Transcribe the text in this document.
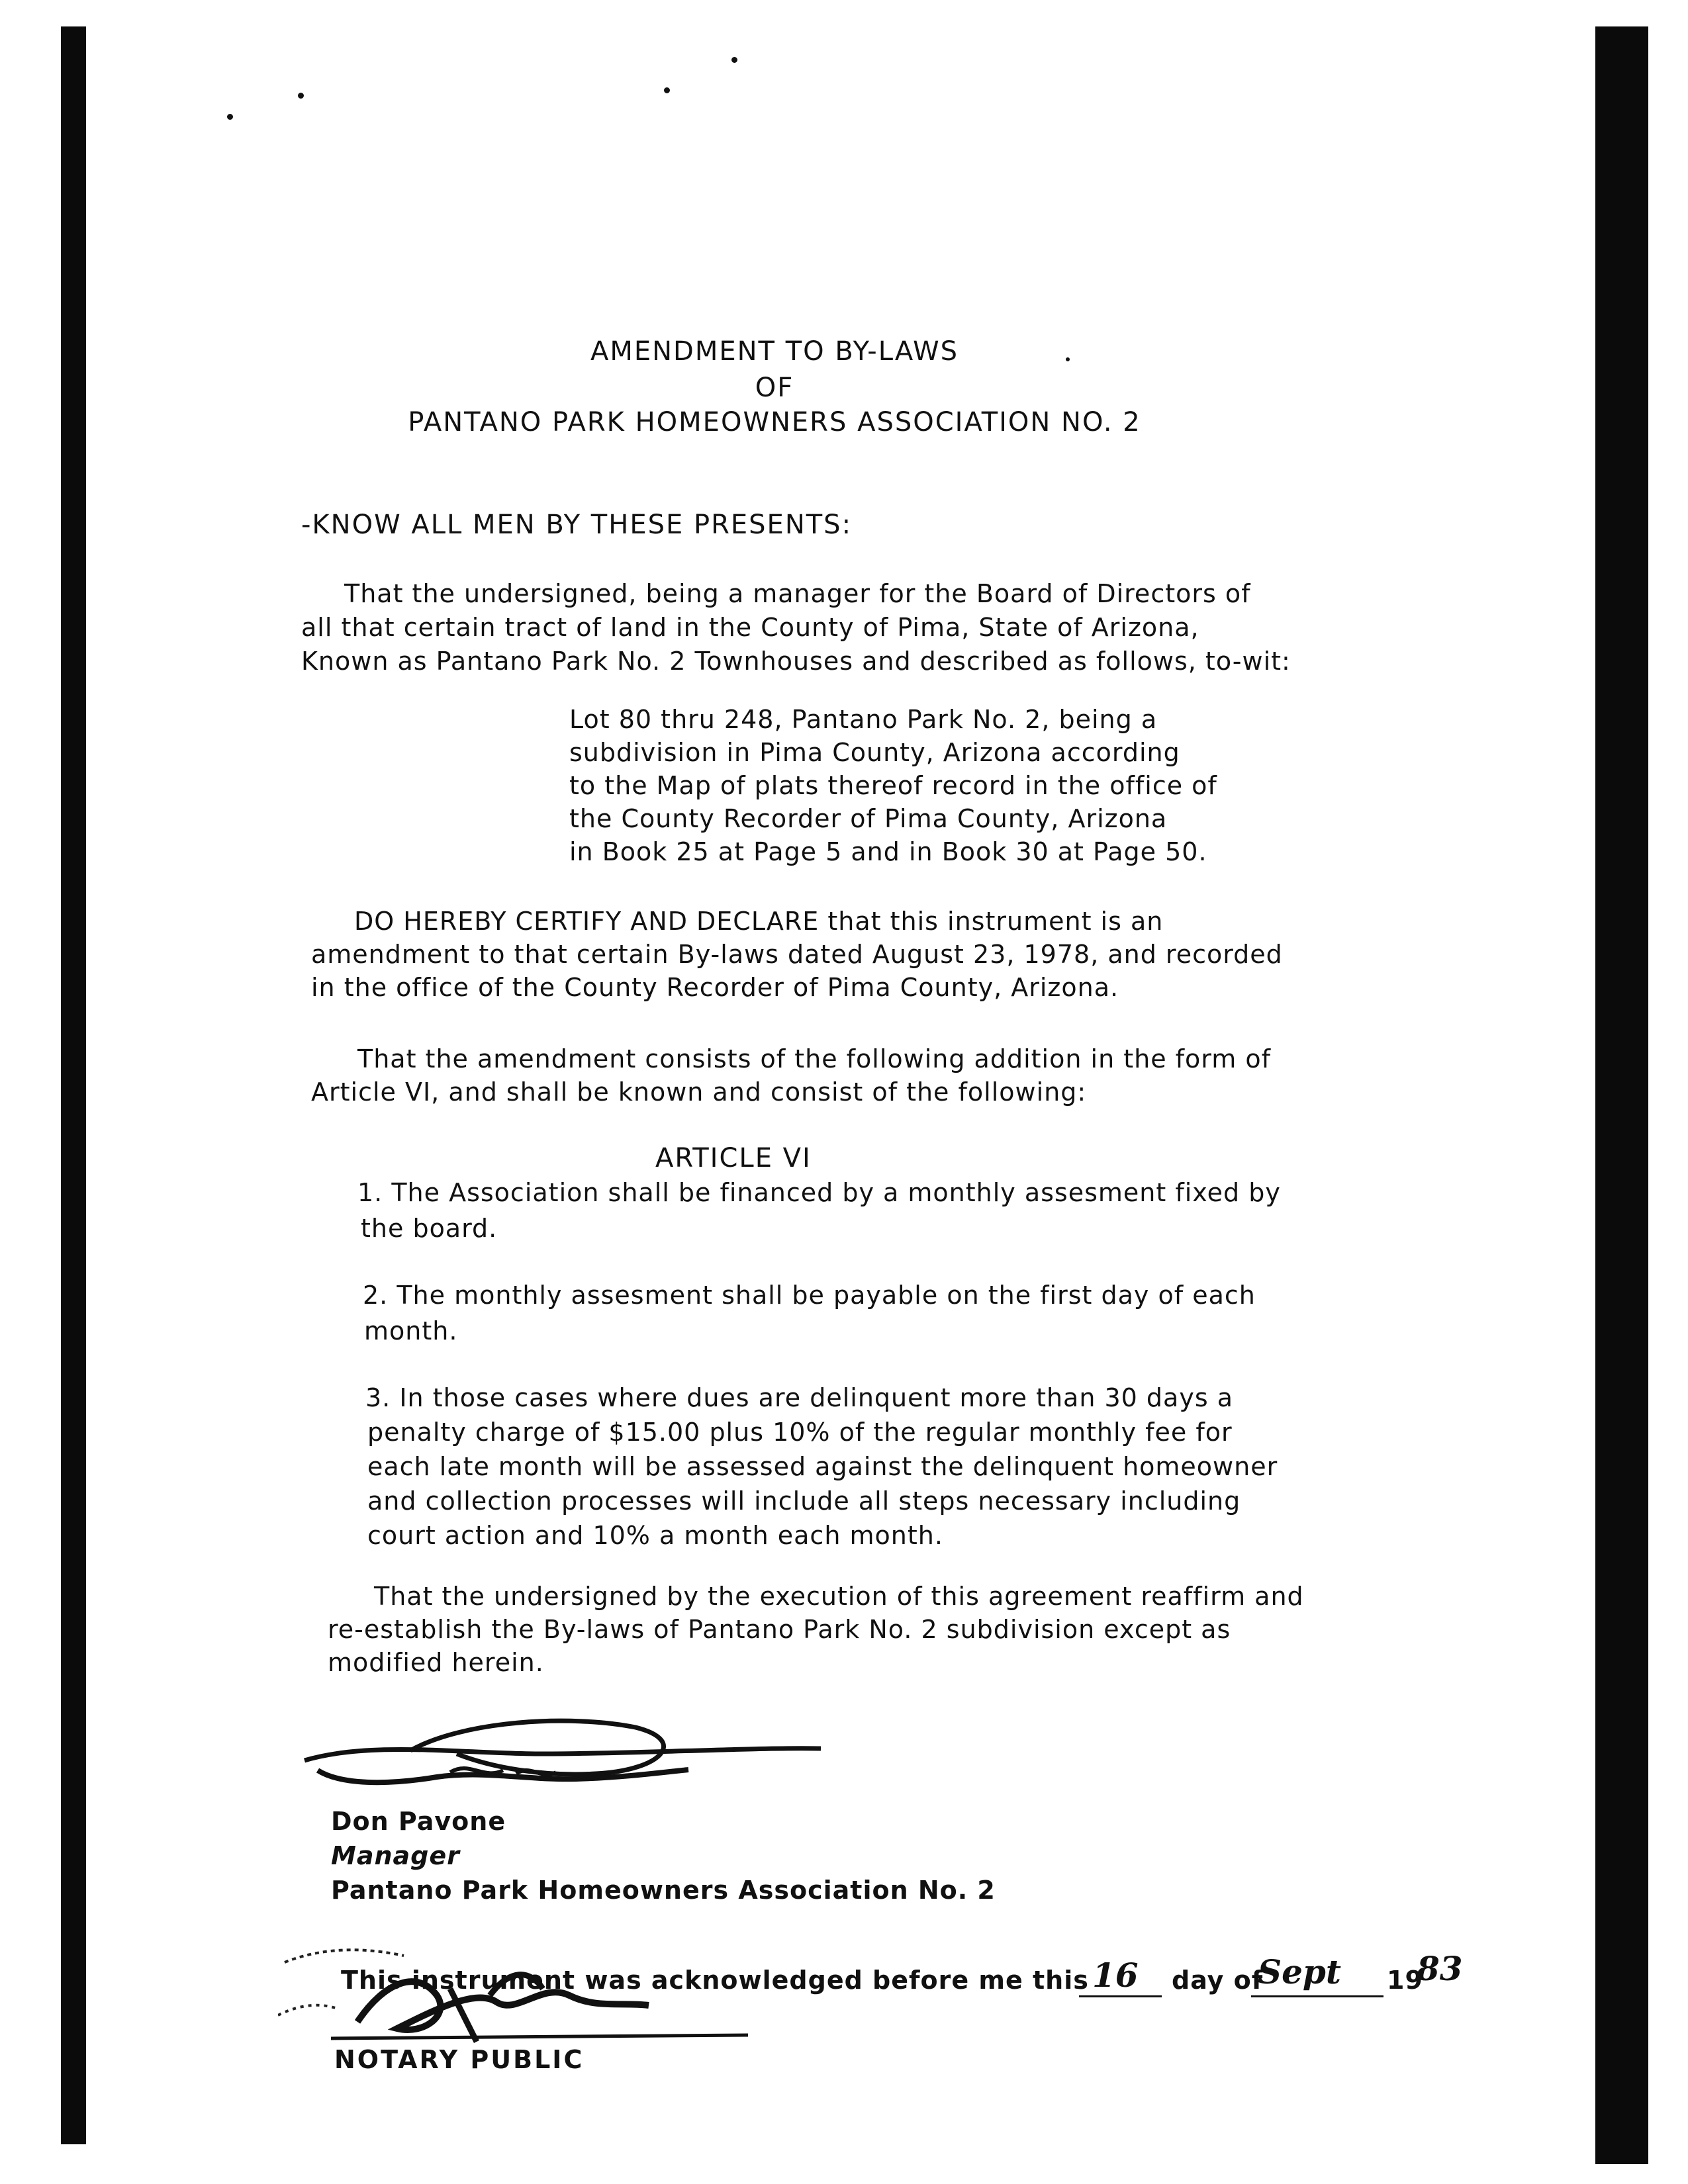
AMENDMENT TO BY-LAWS
OF
PANTANO PARK HOMEOWNERS ASSOCIATION NO. 2
-KNOW ALL MEN BY THESE PRESENTS:
That the undersigned, being a manager for the Board of Directors of
all that certain tract of land in the County of Pima, State of Arizona,
Known as Pantano Park No. 2 Townhouses and described as follows, to-wit:
Lot 80 thru 248, Pantano Park No. 2, being a
subdivision in Pima County, Arizona according
to the Map of plats thereof record in the office of
the County Recorder of Pima County, Arizona
in Book 25 at Page 5 and in Book 30 at Page 50.
DO HEREBY CERTIFY AND DECLARE that this instrument is an
amendment to that certain By-laws dated August 23, 1978, and recorded
in the office of the County Recorder of Pima County, Arizona.
That the amendment consists of the following addition in the form of
Article VI, and shall be known and consist of the following:
ARTICLE VI
1. The Association shall be financed by a monthly assesment fixed by
the board.
2. The monthly assesment shall be payable on the first day of each
month.
3. In those cases where dues are delinquent more than 30 days a
penalty charge of $15.00 plus 10% of the regular monthly fee for
each late month will be assessed against the delinquent homeowner
and collection processes will include all steps necessary including
court action and 10% a month each month.
That the undersigned by the execution of this agreement reaffirm and
re-establish the By-laws of Pantano Park No. 2 subdivision except as
modified herein.
Don Pavone
Manager
Pantano Park Homeowners Association No. 2
This instrument was acknowledged before me this 16 day of
Sept 19
83
NOTARY PUBLIC
